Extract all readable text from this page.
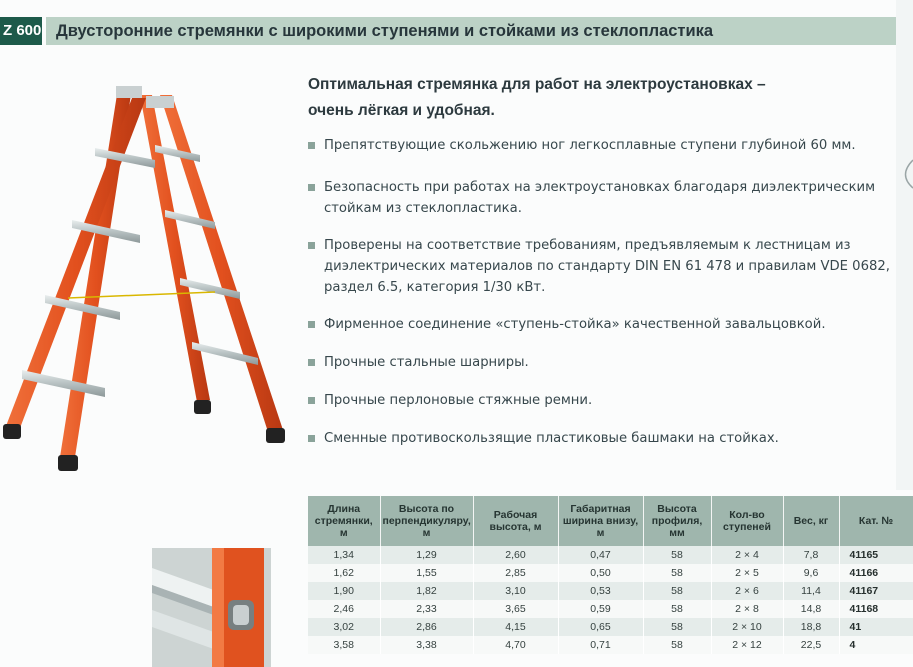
Z 600 Двусторонние стремянки с широкими ступенями и стойками из стеклопластика
Оптимальная стремянка для работ на электроустановках –
очень лёгкая и удобная.
Препятствующие скольжению ног легкосплавные ступени глубиной 60 мм.
Безопасность при работах на электроустановках благодаря диэлектрическим стойкам из стеклопластика.
Проверены на соответствие требованиям, предъявляемым к лестницам из диэлектрических материалов по стандарту DIN EN 61 478 и правилам VDE 0682, раздел 6.5, категория 1/30 кВт.
Фирменное соединение «ступень-стойка» качественной завальцовкой.
Прочные стальные шарниры.
Прочные перлоновые стяжные ремни.
Сменные противоскользящие пластиковые башмаки на стойках.
Длина стремянки, м	Высота по перпендикуляру, м	Рабочая высота, м	Габаритная ширина внизу, м	Высота профиля, мм	Кол-во ступеней	Вес, кг	Кат. №
1,34	1,29	2,60	0,47	58	2 × 4	7,8	41165
1,62	1,55	2,85	0,50	58	2 × 5	9,6	41166
1,90	1,82	3,10	0,53	58	2 × 6	11,4	41167
2,46	2,33	3,65	0,59	58	2 × 8	14,8	41168
3,02	2,86	4,15	0,65	58	2 × 10	18,8	41
3,58	3,38	4,70	0,71	58	2 × 12	22,5	4
